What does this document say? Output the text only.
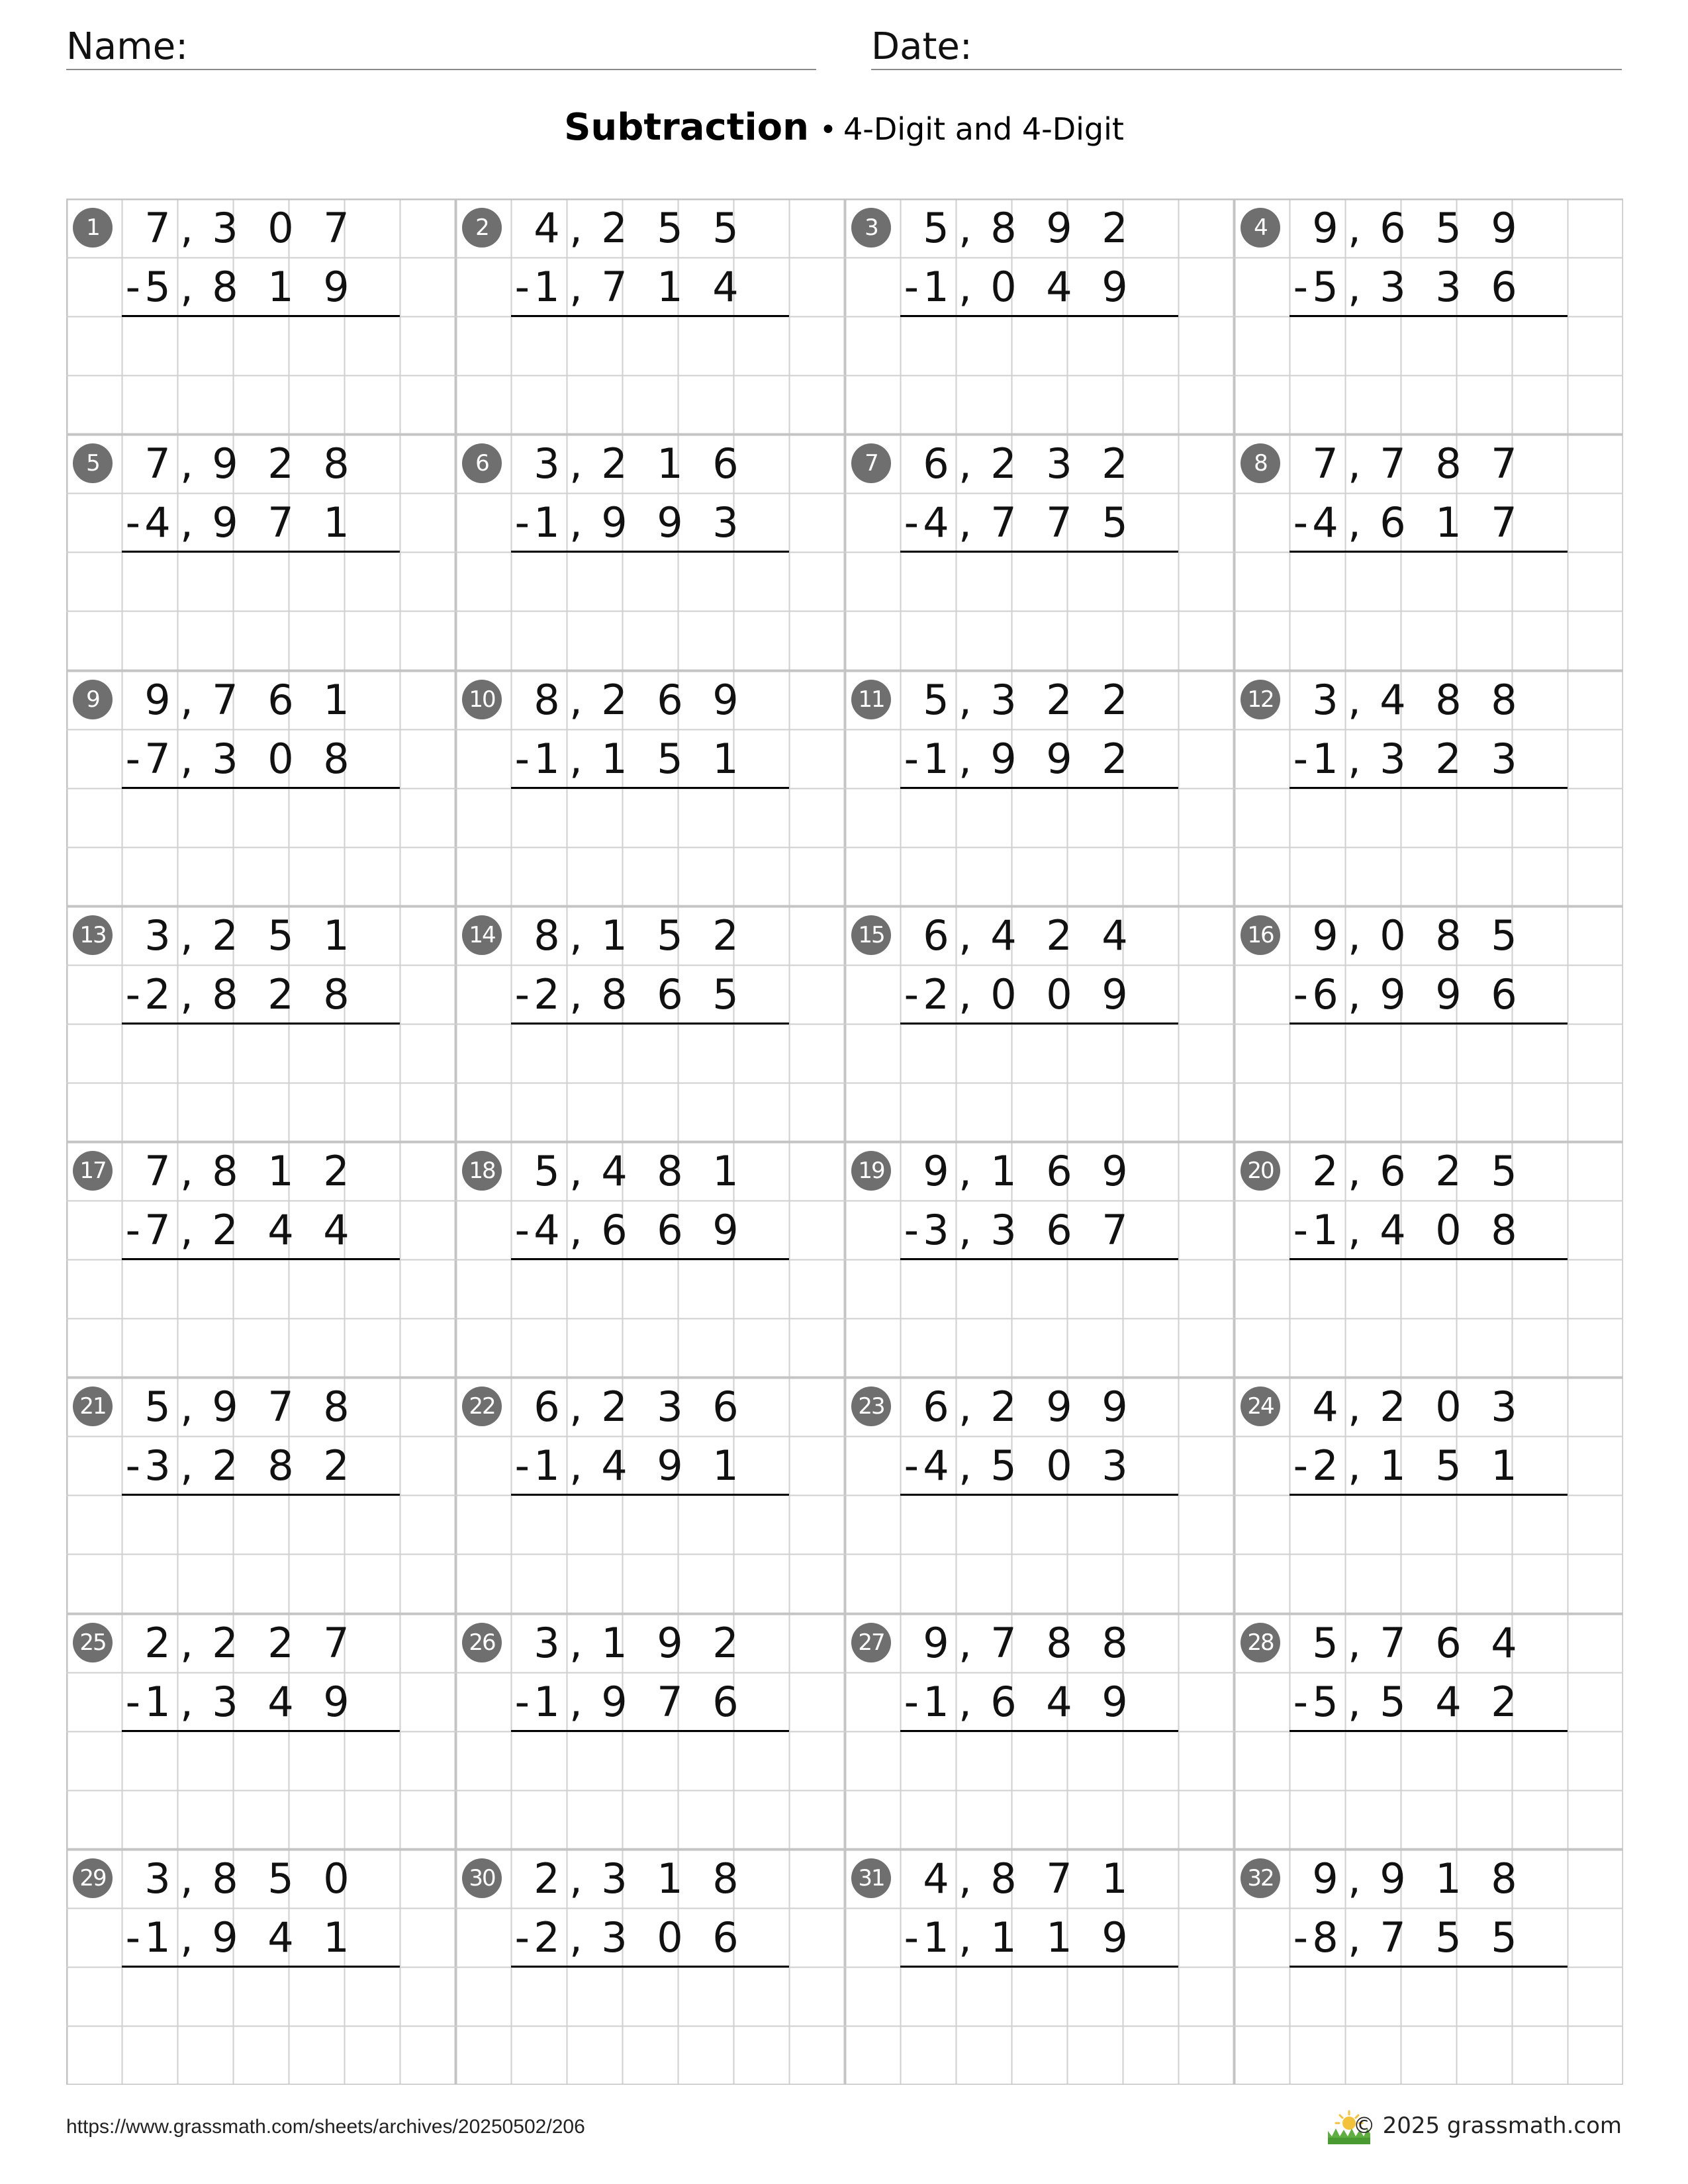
Name:	Date:
Subtraction • 4-Digit and 4-Digit
1	7 , 3 0 7
- 5 , 8 1 9
2	4 , 2 5 5
- 1 , 7 1 4
3	5 , 8 9 2
- 1 , 0 4 9
4	9 , 6 5 9
- 5 , 3 3 6
5	7 , 9 2 8
- 4 , 9 7 1
6	3 , 2 1 6
- 1 , 9 9 3
7	6 , 2 3 2
- 4 , 7 7 5
8	7 , 7 8 7
- 4 , 6 1 7
9	9 , 7 6 1
- 7 , 3 0 8
10 8 , 2 6 9
- 1 , 1 5 1
11 5 , 3 2 2
- 1 , 9 9 2
12 3 , 4 8 8
- 1 , 3 2 3
13 3 , 2 5 1
- 2 , 8 2 8
14 8 , 1 5 2
- 2 , 8 6 5
15 6 , 4 2 4
- 2 , 0 0 9
16 9 , 0 8 5
- 6 , 9 9 6
17 7 , 8 1 2
- 7 , 2 4 4
18 5 , 4 8 1
- 4 , 6 6 9
19 9 , 1 6 9
- 3 , 3 6 7
20 2 , 6 2 5
- 1 , 4 0 8
21 5 , 9 7 8
- 3 , 2 8 2
22 6 , 2 3 6
- 1 , 4 9 1
23 6 , 2 9 9
- 4 , 5 0 3
24 4 , 2 0 3
- 2 , 1 5 1
25 2 , 2 2 7
- 1 , 3 4 9
26 3 , 1 9 2
- 1 , 9 7 6
27 9 , 7 8 8
- 1 , 6 4 9
28 5 , 7 6 4
- 5 , 5 4 2
29 3 , 8 5 0
- 1 , 9 4 1
30 2 , 3 1 8
- 2 , 3 0 6
31 4 , 8 7 1
- 1 , 1 1 9
32 9 , 9 1 8
- 8 , 7 5 5
https://www.grassmath.com/sheets/archives/20250502/206	© 2025 grassmath.com
